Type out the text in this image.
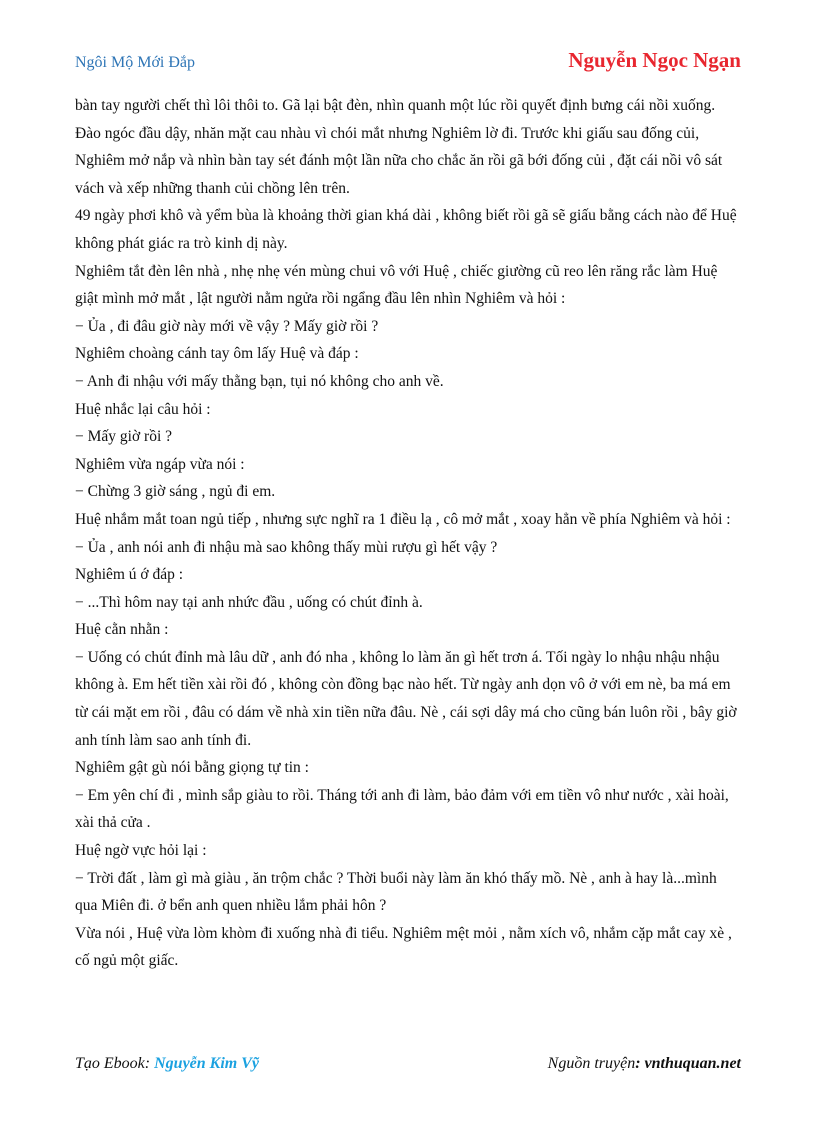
Ngôi Mộ Mới Đắp	Nguyễn Ngọc Ngạn

bàn tay người chết thì lôi thôi to. Gã lại bật đèn, nhìn quanh một lúc rồi quyết định bưng cái nồi xuống.

Đào ngóc đầu dậy, nhăn mặt cau nhàu vì chói mắt nhưng Nghiêm lờ đi. Trước khi giấu sau đống củi, Nghiêm mở nắp và nhìn bàn tay sét đánh một lần nữa cho chắc ăn rồi gã bới đống củi , đặt cái nồi vô sát vách và xếp những thanh củi chồng lên trên.

49 ngày phơi khô và yểm bùa là khoảng thời gian khá dài , không biết rồi gã sẽ giấu bằng cách nào để Huệ không phát giác ra trò kinh dị này.

Nghiêm tắt đèn lên nhà , nhẹ nhẹ vén mùng chui vô với Huệ , chiếc giường cũ reo lên răng rắc làm Huệ giật mình mở mắt , lật người nằm ngửa rồi ngẩng đầu lên nhìn Nghiêm và hỏi :

− Ủa , đi đâu giờ này mới về vậy ? Mấy giờ rồi ?

Nghiêm choàng cánh tay ôm lấy Huệ và đáp :

− Anh đi nhậu với mấy thằng bạn, tụi nó không cho anh về.

Huệ nhắc lại câu hỏi :

− Mấy giờ rồi ?

Nghiêm vừa ngáp vừa nói :

− Chừng 3 giờ sáng , ngủ đi em.

Huệ nhắm mắt toan ngủ tiếp , nhưng sực nghĩ ra 1 điều lạ , cô mở mắt , xoay hẳn về phía Nghiêm và hỏi :

− Ủa , anh nói anh đi nhậu mà sao không thấy mùi rượu gì hết vậy ?

Nghiêm ú ớ đáp :

− ...Thì hôm nay tại anh nhức đầu , uống có chút đỉnh à.

Huệ cằn nhằn :

− Uống có chút đỉnh mà lâu dữ , anh đó nha , không lo làm ăn gì hết trơn á. Tối ngày lo nhậu nhậu nhậu không à. Em hết tiền xài rồi đó , không còn đồng bạc nào hết. Từ ngày anh dọn vô ở với em nè, ba má em từ cái mặt em rồi , đâu có dám về nhà xin tiền nữa đâu. Nè , cái sợi dây má cho cũng bán luôn rồi , bây giờ anh tính làm sao anh tính đi.

Nghiêm gật gù nói bằng giọng tự tin :

− Em yên chí đi , mình sắp giàu to rồi. Tháng tới anh đi làm, bảo đảm với em tiền vô như nước , xài hoài, xài thả cửa .

Huệ ngờ vực hỏi lại :

− Trời đất , làm gì mà giàu , ăn trộm chắc ? Thời buổi này làm ăn khó thấy mồ. Nè , anh à hay là...mình qua Miên đi. ở bển anh quen nhiều lắm phải hôn ?

Vừa nói , Huệ vừa lòm khòm đi xuống nhà đi tiểu. Nghiêm mệt mỏi , nằm xích vô, nhắm cặp mắt cay xè , cố ngủ một giấc.

Tạo Ebook: Nguyễn Kim Vỹ	Nguồn truyện: vnthuquan.net
